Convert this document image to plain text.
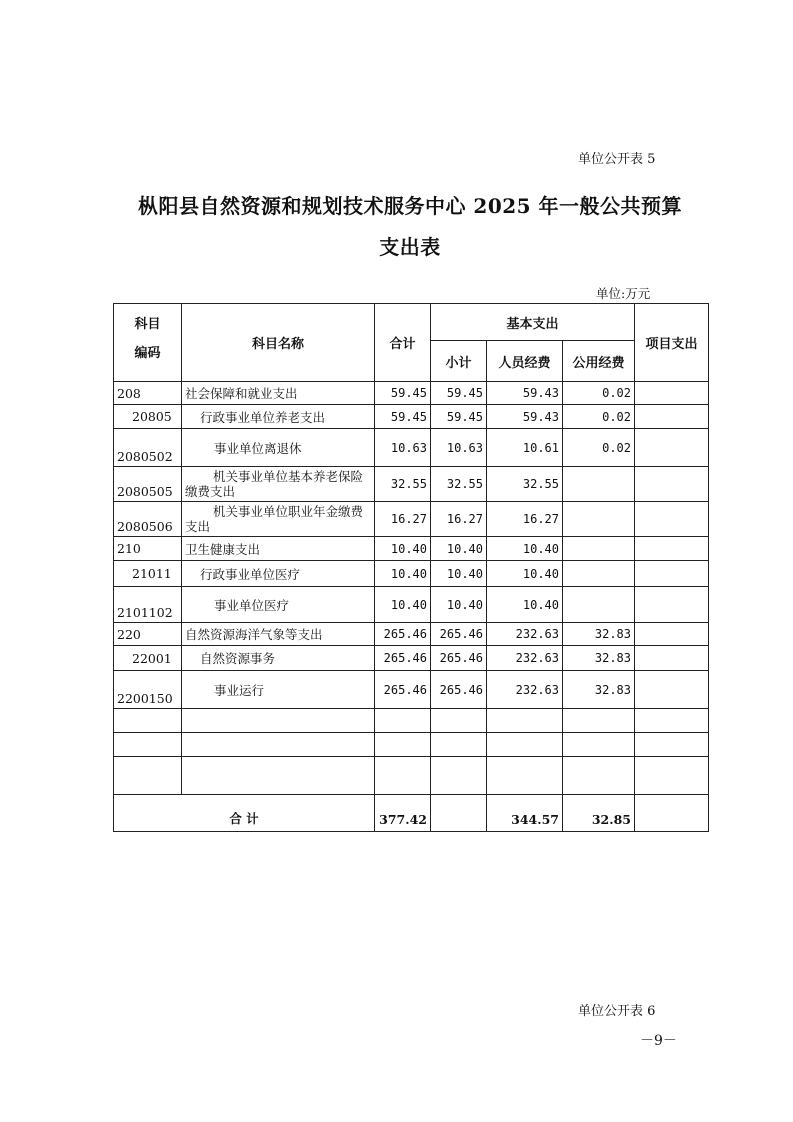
单位公开表 5
枞阳县自然资源和规划技术服务中心 2025 年一般公共预算
支出表
单位:万元
科目
编码	科目名称	合计	基本支出			项目支出
			小计	人员经费	公用经费	
208	社会保障和就业支出	59.45	59.45	59.43	0.02	
20805	行政事业单位养老支出	59.45	59.45	59.43	0.02	
2080502	事业单位离退休	10.63	10.63	10.61	0.02	
2080505	机关事业单位基本养老保险缴费支出	32.55	32.55	32.55		
2080506	机关事业单位职业年金缴费支出	16.27	16.27	16.27		
210	卫生健康支出	10.40	10.40	10.40		
21011	行政事业单位医疗	10.40	10.40	10.40		
2101102	事业单位医疗	10.40	10.40	10.40		
220	自然资源海洋气象等支出	265.46	265.46	232.63	32.83	
22001	自然资源事务	265.46	265.46	232.63	32.83	
2200150	事业运行	265.46	265.46	232.63	32.83	

合 计		377.42		344.57	32.85	
单位公开表 6
－9－
